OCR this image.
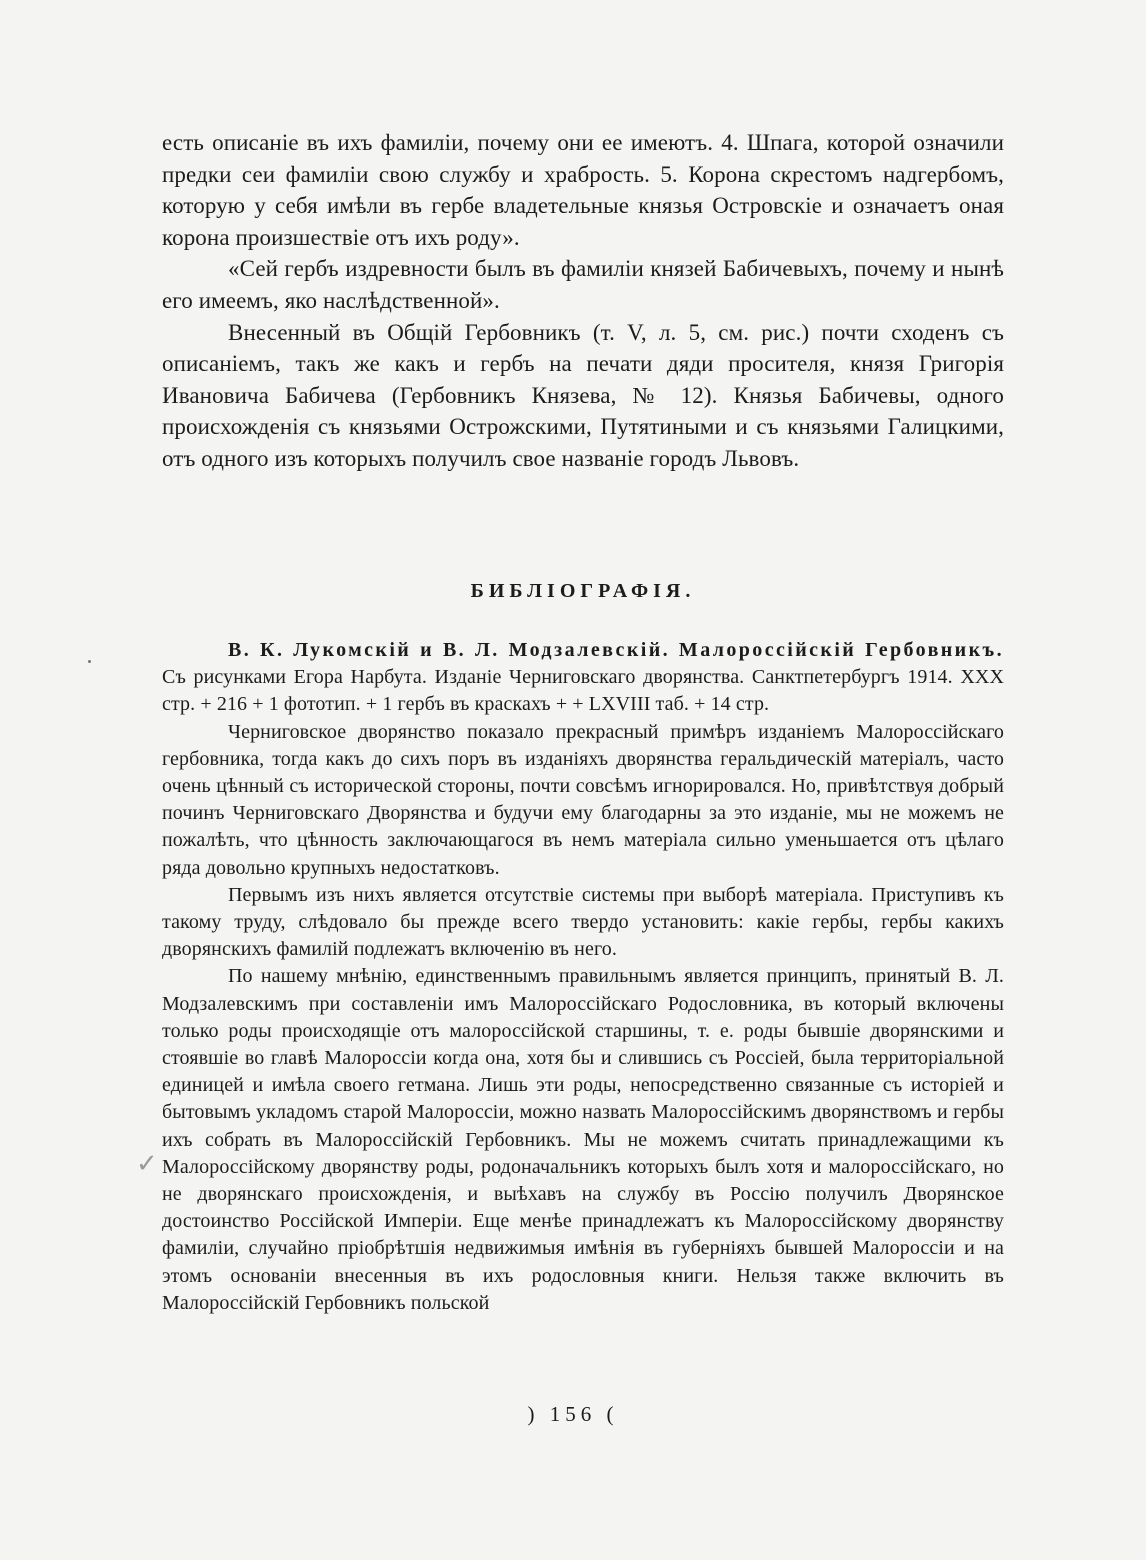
есть описаніе въ ихъ фамиліи, почему они ее имеютъ. 4. Шпага, которой означили предки сеи фамиліи свою службу и храбрость. 5. Корона скрестомъ надгербомъ, которую у себя имѣли въ гербе владетельные князья Островскіе и означаетъ оная корона произшествіе отъ ихъ роду».

«Сей гербъ издревности былъ въ фамиліи князей Бабичевыхъ, почему и нынѣ его имеемъ, яко наслѣдственной».

Внесенный въ Общій Гербовникъ (т. V, л. 5, см. рис.) почти сходенъ съ описаніемъ, такъ же какъ и гербъ на печати дяди просителя, князя Григорія Ивановича Бабичева (Гербовникъ Князева, № 12). Князья Бабичевы, одного происхожденія съ князьями Острожскими, Путятиными и съ князьями Галицкими, отъ одного изъ которыхъ получилъ свое названіе городъ Львовъ.

БИБЛІОГРАФІЯ.
✓

В. К. Лукомскій и В. Л. Модзалевскій. Малороссійскій Гербовникъ. Съ рисунками Егора Нарбута. Изданіе Черниговскаго дворянства. Санктпетербургъ 1914. XXX стр. + 216 + 1 фототип. + 1 гербъ въ краскахъ + + LXVIII таб. + 14 стр.

Черниговское дворянство показало прекрасный примѣръ изданіемъ Малороссійскаго гербовника, тогда какъ до сихъ поръ въ изданіяхъ дворянства геральдическій матеріалъ, часто очень цѣнный съ исторической стороны, почти совсѣмъ игнорировался. Но, привѣтствуя добрый починъ Черниговскаго Дворянства и будучи ему благодарны за это изданіе, мы не можемъ не пожалѣть, что цѣнность заключающагося въ немъ матеріала сильно уменьшается отъ цѣлаго ряда довольно крупныхъ недостатковъ.

Первымъ изъ нихъ является отсутствіе системы при выборѣ матеріала. Приступивъ къ такому труду, слѣдовало бы прежде всего твердо установить: какіе гербы, гербы какихъ дворянскихъ фамилій подлежатъ включенію въ него.

По нашему мнѣнію, единственнымъ правильнымъ является принципъ, принятый В. Л. Модзалевскимъ при составленіи имъ Малороссійскаго Родословника, въ который включены только роды происходящіе отъ малороссійской старшины, т. е. роды бывшіе дворянскими и стоявшіе во главѣ Малороссіи когда она, хотя бы и слившись съ Россіей, была территоріальной единицей и имѣла своего гетмана. Лишь эти роды, непосредственно связанные съ исторіей и бытовымъ укладомъ старой Малороссіи, можно назвать Малороссійскимъ дворянствомъ и гербы ихъ собрать въ Малороссійскій Гербовникъ. Мы не можемъ считать принадлежащими къ Малороссійскому дворянству роды, родоначальникъ которыхъ былъ хотя и малороссійскаго, но не дворянскаго происхожденія, и выѣхавъ на службу въ Россію получилъ Дворянское достоинство Россійской Имперіи. Еще менѣе принадлежатъ къ Малороссійскому дворянству фамиліи, случайно пріобрѣтшія недвижимыя имѣнія въ губерніяхъ бывшей Малороссіи и на этомъ основаніи внесенныя въ ихъ родословныя книги. Нельзя также включить въ Малороссійскій Гербовникъ польской

) 156 (
